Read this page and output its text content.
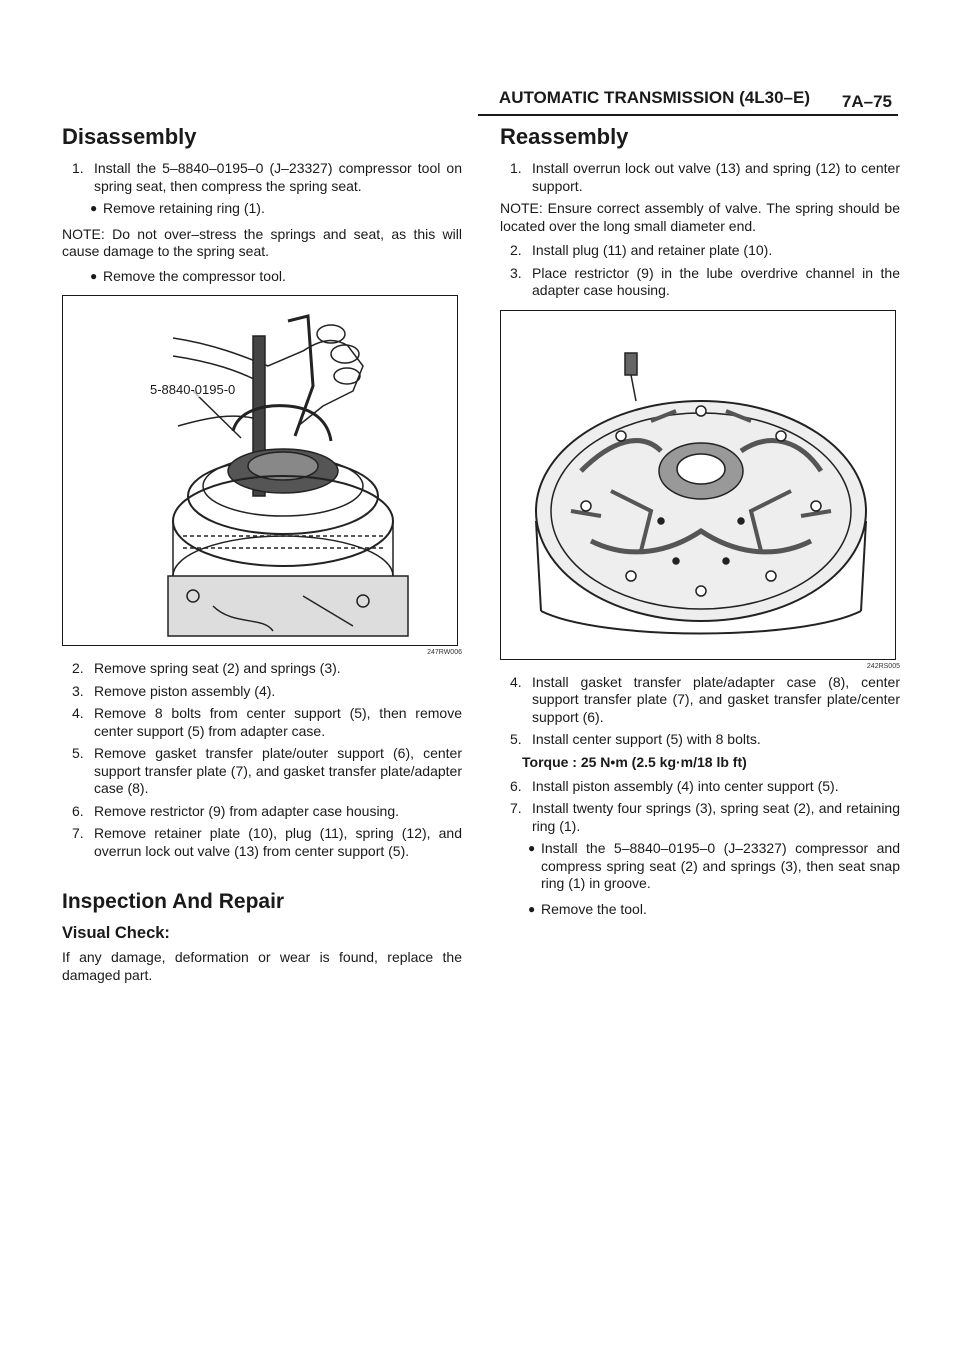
AUTOMATIC TRANSMISSION (4L30–E) 7A–75
Disassembly
1. Install the 5–8840–0195–0 (J–23327) compressor tool on spring seat, then compress the spring seat.
● Remove retaining ring (1).
NOTE: Do not over–stress the springs and seat, as this will cause damage to the spring seat.
● Remove the compressor tool.
5-8840-0195-0
247RW006
2. Remove spring seat (2) and springs (3).
3. Remove piston assembly (4).
4. Remove 8 bolts from center support (5), then remove center support (5) from adapter case.
5. Remove gasket transfer plate/outer support (6), center support transfer plate (7), and gasket transfer plate/adapter case (8).
6. Remove restrictor (9) from adapter case housing.
7. Remove retainer plate (10), plug (11), spring (12), and overrun lock out valve (13) from center support (5).
Inspection And Repair
Visual Check:
If any damage, deformation or wear is found, replace the damaged part.
Reassembly
1. Install overrun lock out valve (13) and spring (12) to center support.
NOTE: Ensure correct assembly of valve. The spring should be located over the long small diameter end.
2. Install plug (11) and retainer plate (10).
3. Place restrictor (9) in the lube overdrive channel in the adapter case housing.
242RS005
4. Install gasket transfer plate/adapter case (8), center support transfer plate (7), and gasket transfer plate/center support (6).
5. Install center support (5) with 8 bolts.
Torque : 25 N•m (2.5 kg·m/18 lb ft)
6. Install piston assembly (4) into center support (5).
7. Install twenty four springs (3), spring seat (2), and retaining ring (1).
● Install the 5–8840–0195–0 (J–23327) compressor and compress spring seat (2) and springs (3), then seat snap ring (1) in groove.
● Remove the tool.
